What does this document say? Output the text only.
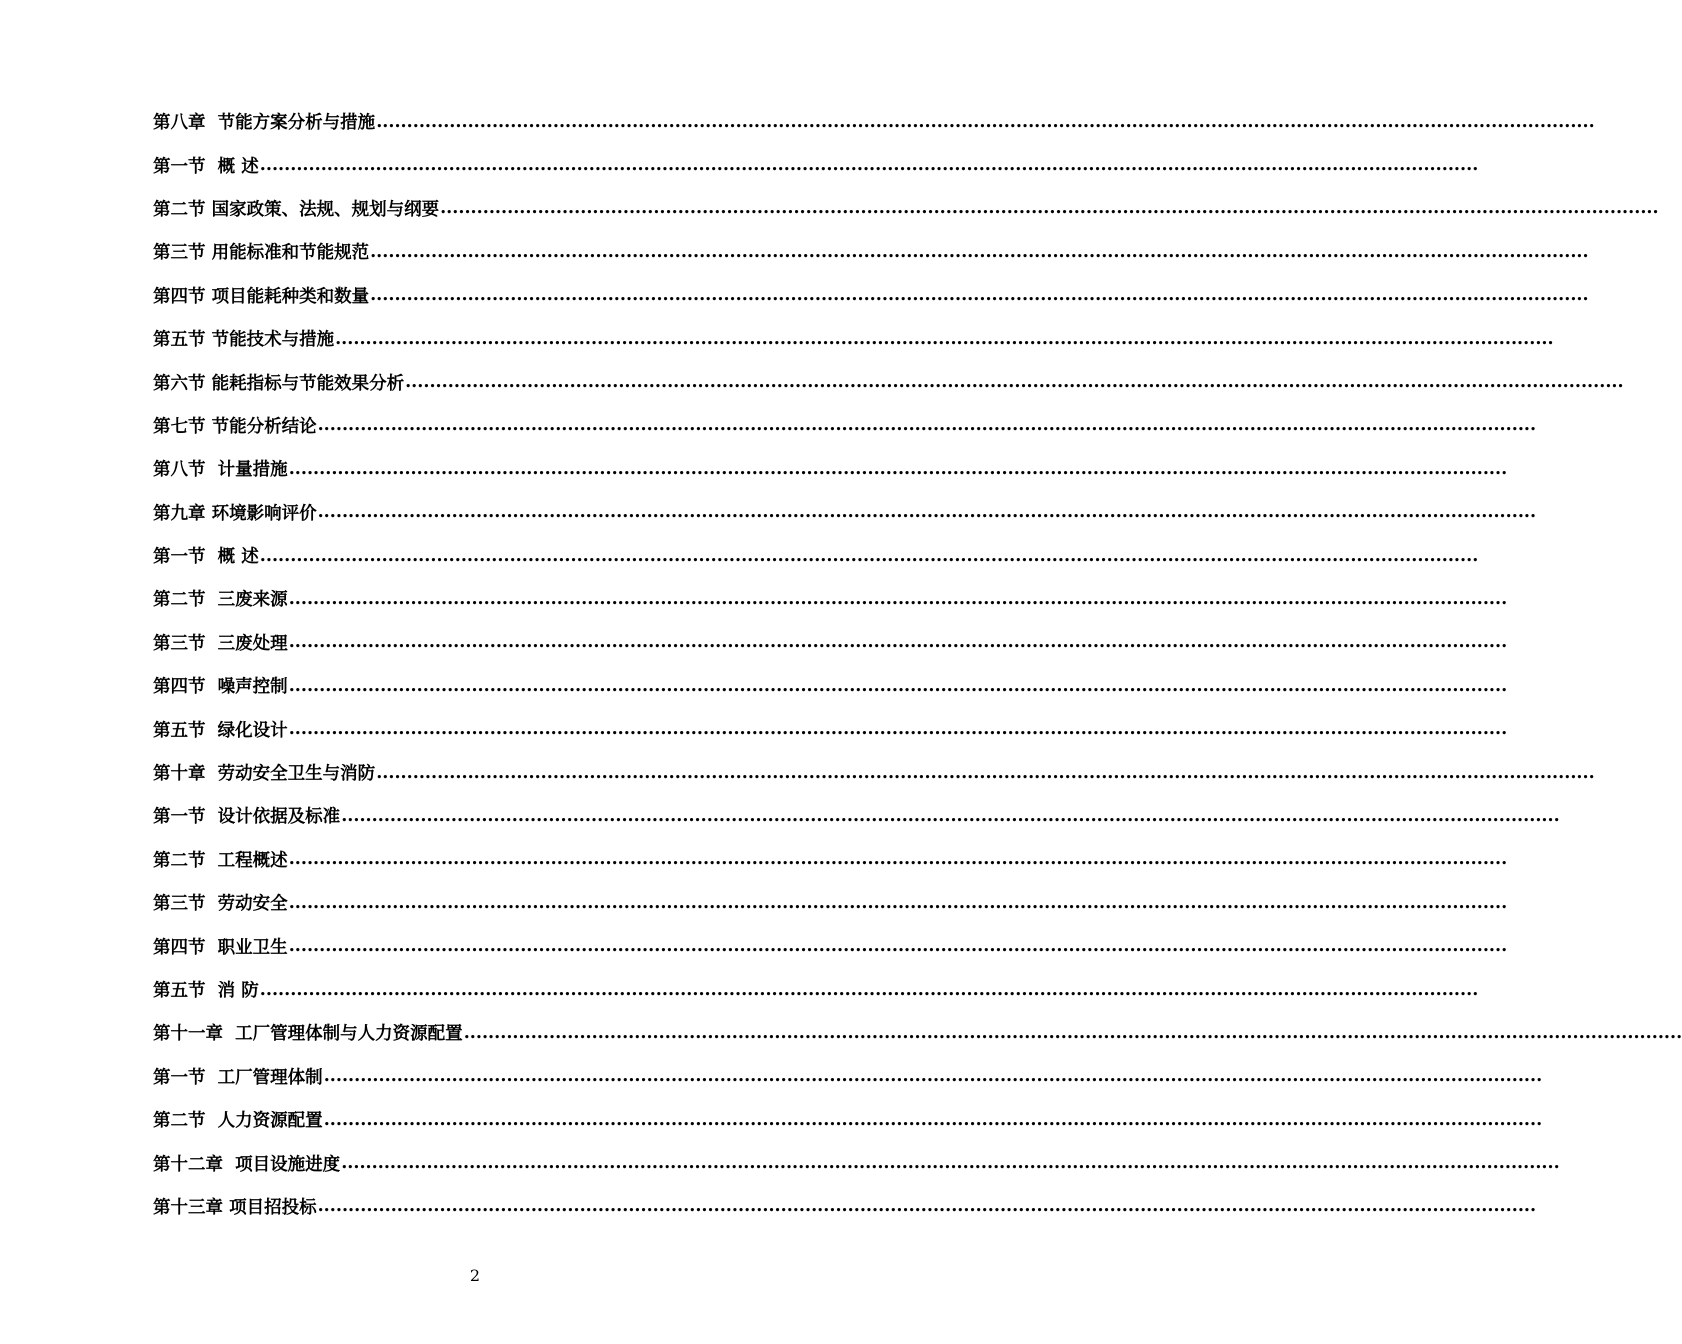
第八章  节能方案分析与措施 ........................................................................................................................................................................................................
第一节  概 述 ........................................................................................................................................................................................................
第二节 国家政策、法规、规划与纲要 ........................................................................................................................................................................................................
第三节 用能标准和节能规范 ........................................................................................................................................................................................................
第四节 项目能耗种类和数量 ........................................................................................................................................................................................................
第五节 节能技术与措施 ........................................................................................................................................................................................................
第六节 能耗指标与节能效果分析 ........................................................................................................................................................................................................
第七节 节能分析结论 ........................................................................................................................................................................................................
第八节  计量措施 ........................................................................................................................................................................................................
第九章 环境影响评价 ........................................................................................................................................................................................................
第一节  概 述 ........................................................................................................................................................................................................
第二节  三废来源 ........................................................................................................................................................................................................
第三节  三废处理 ........................................................................................................................................................................................................
第四节  噪声控制 ........................................................................................................................................................................................................
第五节  绿化设计 ........................................................................................................................................................................................................
第十章  劳动安全卫生与消防 ........................................................................................................................................................................................................
第一节  设计依据及标准 ........................................................................................................................................................................................................
第二节  工程概述 ........................................................................................................................................................................................................
第三节  劳动安全 ........................................................................................................................................................................................................
第四节  职业卫生 ........................................................................................................................................................................................................
第五节  消 防 ........................................................................................................................................................................................................
第十一章  工厂管理体制与人力资源配置 ........................................................................................................................................................................................................
第一节  工厂管理体制 ........................................................................................................................................................................................................
第二节  人力资源配置 ........................................................................................................................................................................................................
第十二章  项目设施进度 ........................................................................................................................................................................................................
第十三章 项目招投标 ........................................................................................................................................................................................................
2
